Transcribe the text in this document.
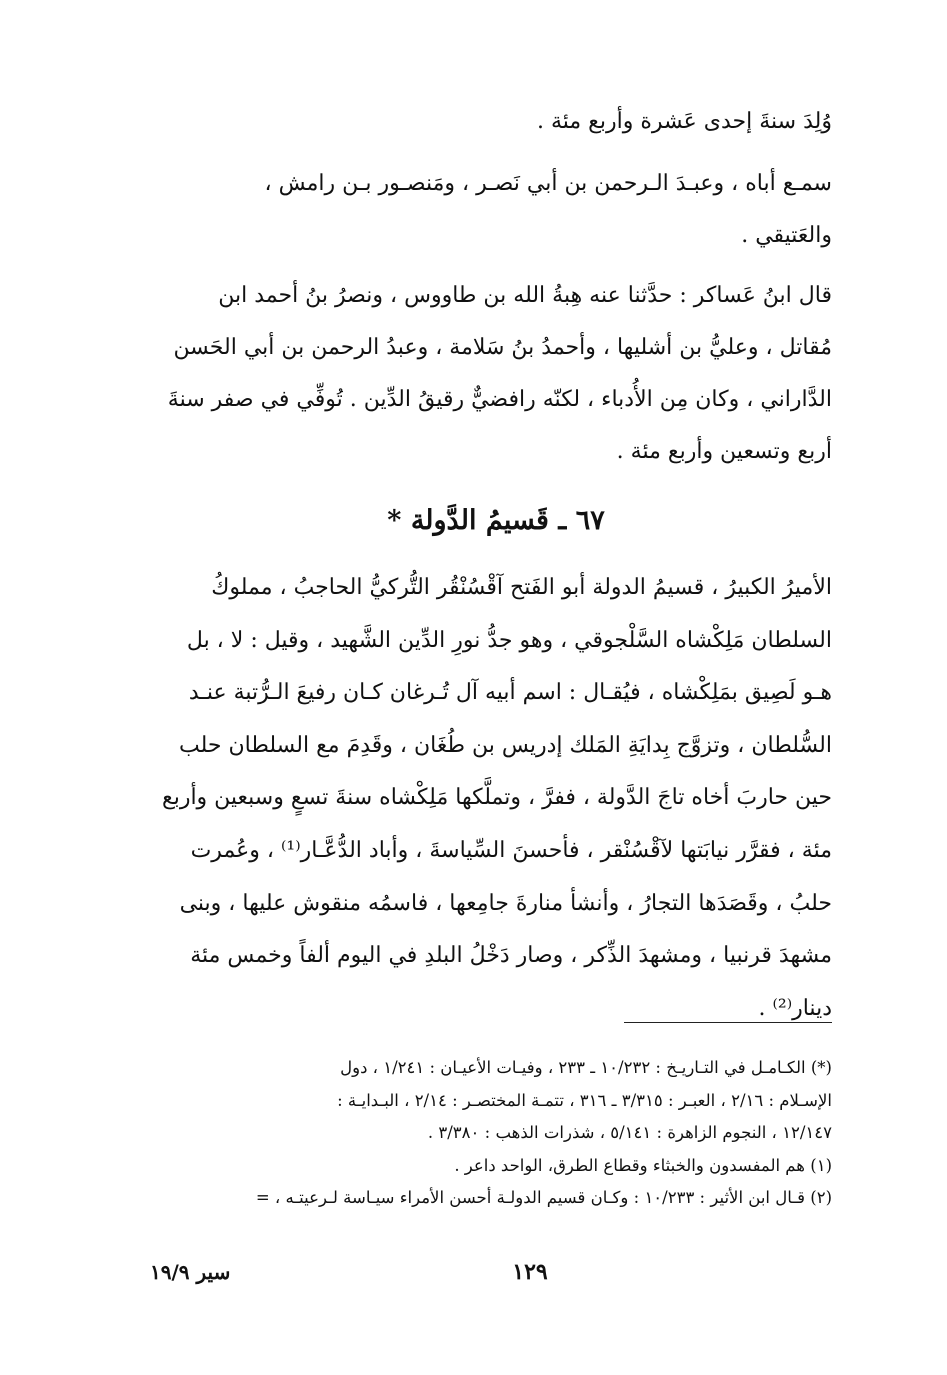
وُلِدَ سنةَ إحدى عَشرة وأربع مئة .
سمـع أباه ، وعبـدَ الـرحمن بن أبي نَصـر ، ومَنصـور بـن رامش ،
والعَتيقي .
قال ابنُ عَساكر : حدَّثنا عنه هِبةُ الله بن طاووس ، ونصرُ بنُ أحمد ابن
مُقاتل ، وعليُّ بن أشليها ، وأحمدُ بنُ سَلامة ، وعبدُ الرحمن بن أبي الحَسن
الدَّاراني ، وكان مِن الأُدباء ، لكنّه رافضيٌّ رقيقُ الدِّين . تُوفِّي في صفر سنةَ
أربع وتسعين وأربع مئة .
٦٧ ـ قَسيمُ الدَّولة *
الأميرُ الكبيرُ ، قسيمُ الدولة أبو الفَتح آقْسُنْقُر التُّركيُّ الحاجبُ ، مملوكُ
السلطان مَلِكْشاه السَّلْجوقي ، وهو جدُّ نورِ الدِّين الشَّهيد ، وقيل : لا ، بل
هـو لَصِيق بمَلِكْشاه ، فيُقـال : اسم أبيه آل تُـرغان كـان رفيعَ الـرُّتبة عنـد
السُّلطان ، وتزوَّج بِدايَةِ المَلك إدريس بن طُغَان ، وقَدِمَ مع السلطان حلب
حين حاربَ أخاه تاجَ الدَّولة ، ففرَّ ، وتملَّكها مَلِكْشاه سنةَ تسعٍ وسبعين وأربع
مئة ، فقرَّر نيابَتها لآقْسُنْقر ، فأحسنَ السِّياسةَ ، وأباد الدُّعَّـار⁽¹⁾ ، وعُمرت
حلبُ ، وقَصَدَها التجارُ ، وأنشأ منارةَ جامِعها ، فاسمُه منقوش عليها ، وبنى
مشهدَ قرنبيا ، ومشهدَ الذِّكر ، وصار دَخْلُ البلدِ في اليوم ألفاً وخمس مئة
دينار⁽²⁾ .
(*) الكـامـل في التـاريـخ : ١٠/٢٣٢ ـ ٢٣٣ ، وفيـات الأعيـان : ١/٢٤١ ، دول
الإسـلام : ٢/١٦ ، العبـر : ٣/٣١٥ ـ ٣١٦ ، تتمـة المختصـر : ٢/١٤ ، البـدايـة :
١٢/١٤٧ ، النجوم الزاهرة : ٥/١٤١ ، شذرات الذهب : ٣/٣٨٠ .
(١) هم المفسدون والخبثاء وقطاع الطرق، الواحد داعر .
(٢) قـال ابن الأثير : ١٠/٢٣٣ : وكـان قسيم الدولـة أحسن الأمراء سيـاسة لـرعيتـه ، =
سير ١٩/٩	١٢٩
